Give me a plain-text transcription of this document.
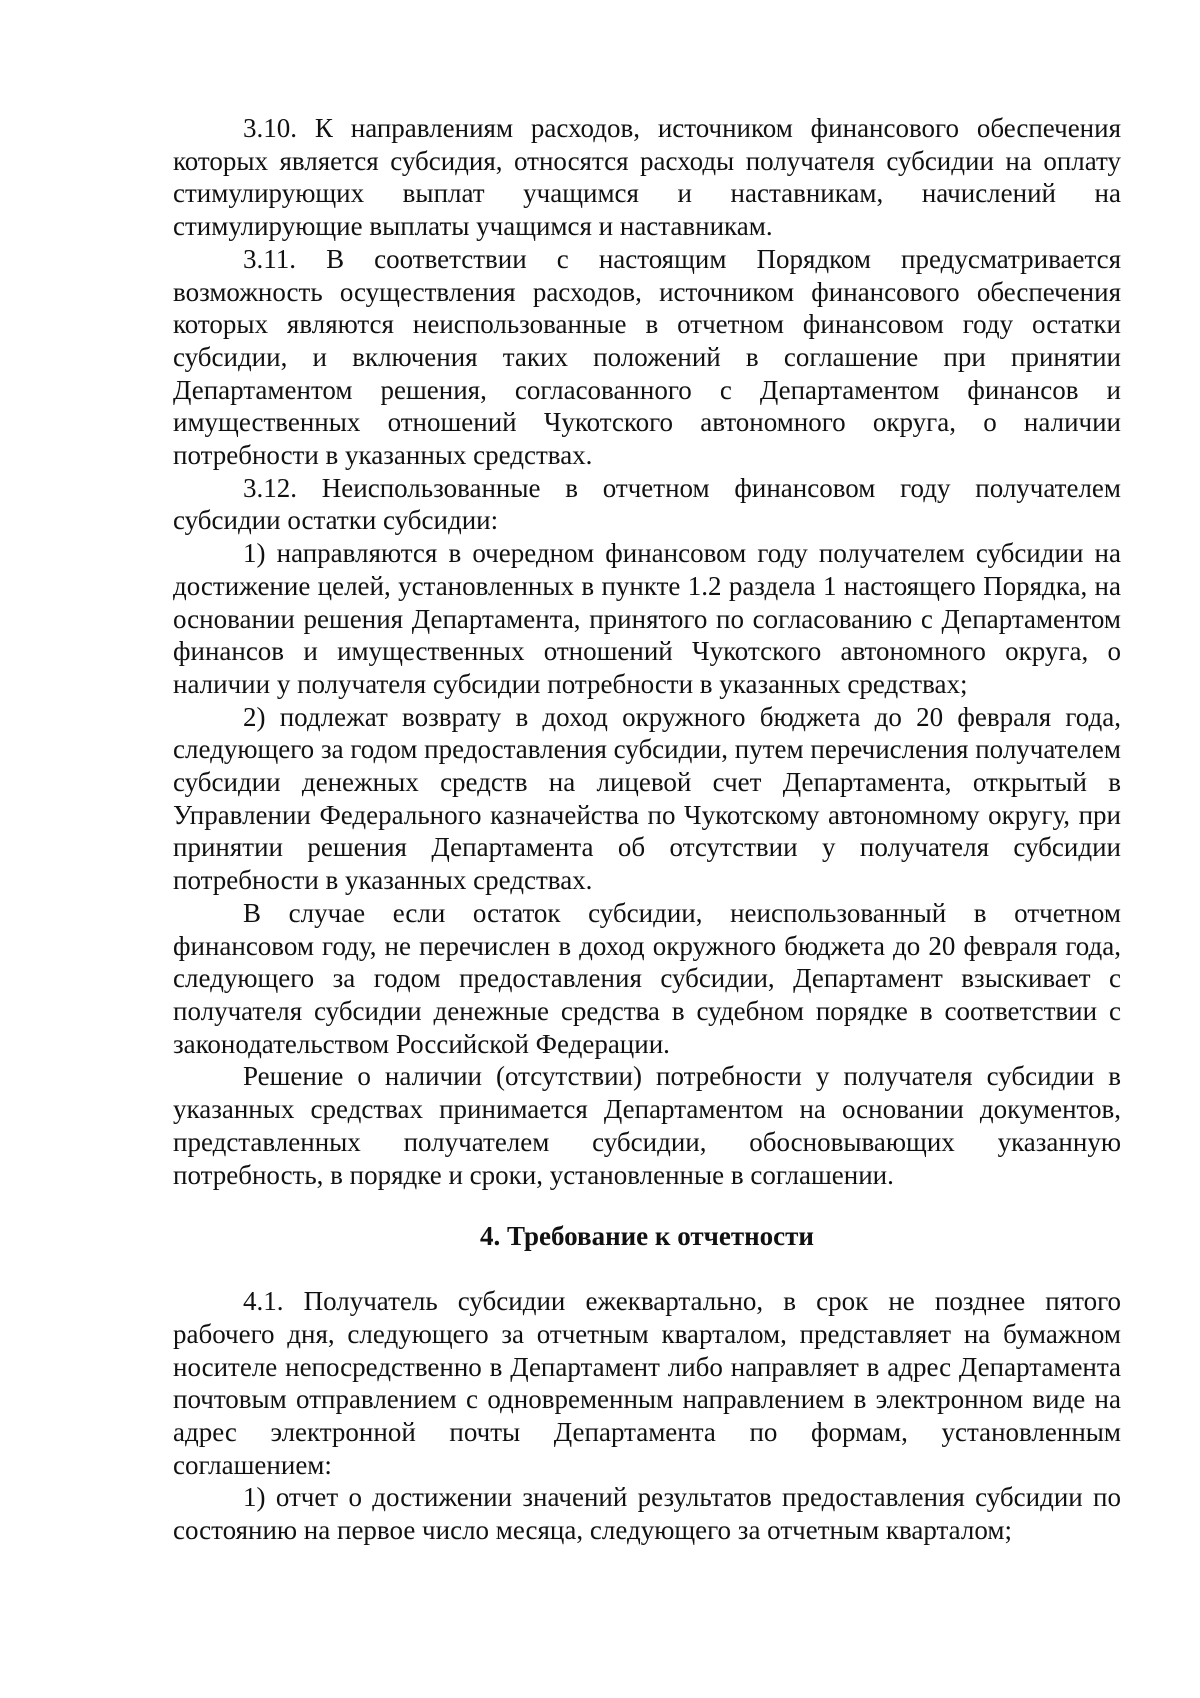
3.10. К направлениям расходов, источником финансового обеспечения которых является субсидия, относятся расходы получателя субсидии на оплату стимулирующих выплат учащимся и наставникам, начислений на стимулирующие выплаты учащимся и наставникам.

3.11. В соответствии с настоящим Порядком предусматривается возможность осуществления расходов, источником финансового обеспечения которых являются неиспользованные в отчетном финансовом году остатки субсидии, и включения таких положений в соглашение при принятии Департаментом решения, согласованного с Департаментом финансов и имущественных отношений Чукотского автономного округа, о наличии потребности в указанных средствах.

3.12. Неиспользованные в отчетном финансовом году получателем субсидии остатки субсидии:

1) направляются в очередном финансовом году получателем субсидии на достижение целей, установленных в пункте 1.2 раздела 1 настоящего Порядка, на основании решения Департамента, принятого по согласованию с Департаментом финансов и имущественных отношений Чукотского автономного округа, о наличии у получателя субсидии потребности в указанных средствах;

2) подлежат возврату в доход окружного бюджета до 20 февраля года, следующего за годом предоставления субсидии, путем перечисления получателем субсидии денежных средств на лицевой счет Департамента, открытый в Управлении Федерального казначейства по Чукотскому автономному округу, при принятии решения Департамента об отсутствии у получателя субсидии потребности в указанных средствах.

В случае если остаток субсидии, неиспользованный в отчетном финансовом году, не перечислен в доход окружного бюджета до 20 февраля года, следующего за годом предоставления субсидии, Департамент взыскивает с получателя субсидии денежные средства в судебном порядке в соответствии с законодательством Российской Федерации.

Решение о наличии (отсутствии) потребности у получателя субсидии в указанных средствах принимается Департаментом на основании документов, представленных получателем субсидии, обосновывающих указанную потребность, в порядке и сроки, установленные в соглашении.

4. Требование к отчетности

4.1. Получатель субсидии ежеквартально, в срок не позднее пятого рабочего дня, следующего за отчетным кварталом, представляет на бумажном носителе непосредственно в Департамент либо направляет в адрес Департамента почтовым отправлением с одновременным направлением в электронном виде на адрес электронной почты Департамента по формам, установленным соглашением:

1) отчет о достижении значений результатов предоставления субсидии по состоянию на первое число месяца, следующего за отчетным кварталом;
